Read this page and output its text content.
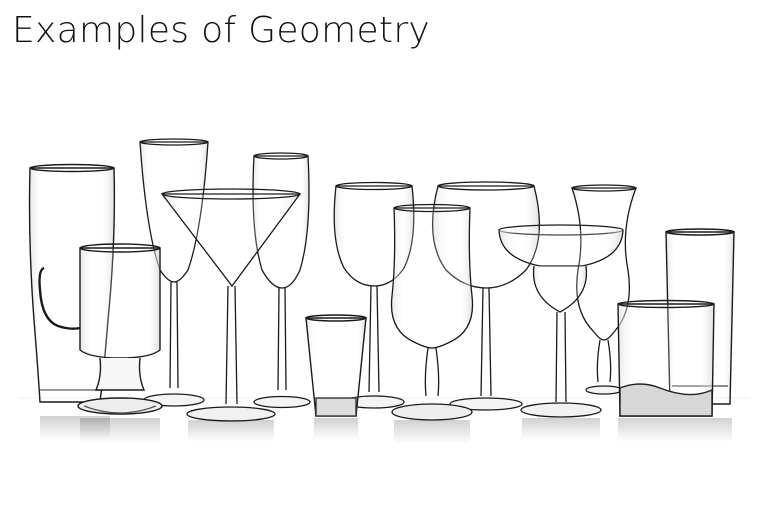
Examples of Geometry
